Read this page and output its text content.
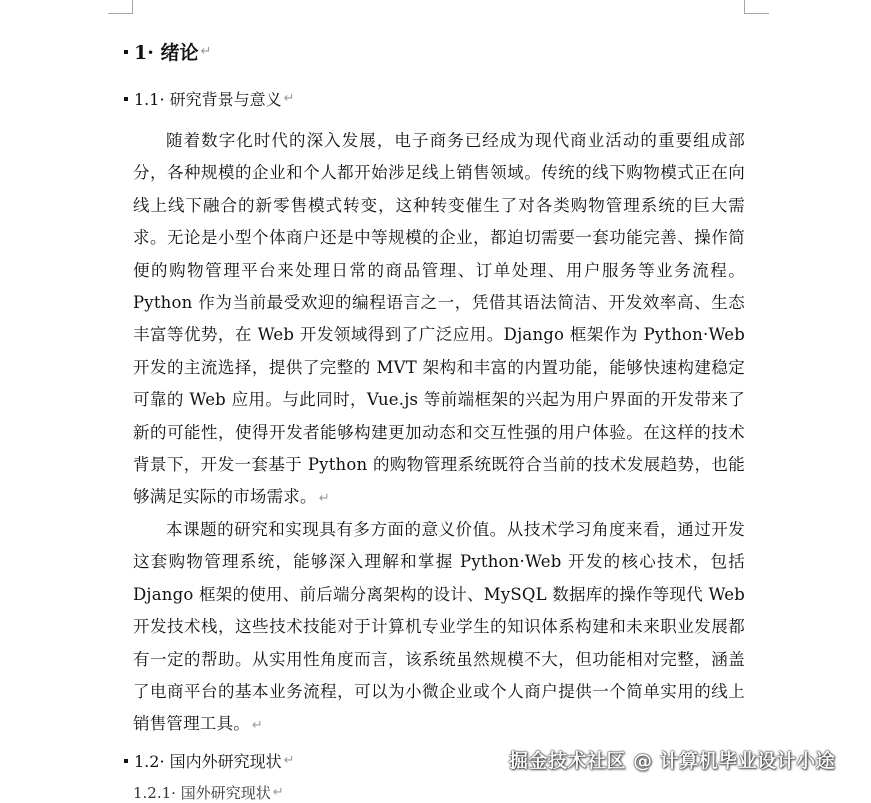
1· 绪论 ↵
1.1· 研究背景与意义 ↵

随着数字化时代的深入发展，电子商务已经成为现代商业活动的重要组成部分，各种规模的企业和个人都开始涉足线上销售领域。传统的线下购物模式正在向线上线下融合的新零售模式转变，这种转变催生了对各类购物管理系统的巨大需求。无论是小型个体商户还是中等规模的企业，都迫切需要一套功能完善、操作简便的购物管理平台来处理日常的商品管理、订单处理、用户服务等业务流程。Python 作为当前最受欢迎的编程语言之一，凭借其语法简洁、开发效率高、生态丰富等优势，在 Web 开发领域得到了广泛应用。Django 框架作为 Python·Web 开发的主流选择，提供了完整的 MVT 架构和丰富的内置功能，能够快速构建稳定可靠的 Web 应用。与此同时，Vue.js 等前端框架的兴起为用户界面的开发带来了新的可能性，使得开发者能够构建更加动态和交互性强的用户体验。在这样的技术背景下，开发一套基于 Python 的购物管理系统既符合当前的技术发展趋势，也能够满足实际的市场需求。 ↵

本课题的研究和实现具有多方面的意义价值。从技术学习角度来看，通过开发这套购物管理系统，能够深入理解和掌握 Python·Web 开发的核心技术，包括 Django 框架的使用、前后端分离架构的设计、MySQL 数据库的操作等现代 Web 开发技术栈，这些技术技能对于计算机专业学生的知识体系构建和未来职业发展都有一定的帮助。从实用性角度而言，该系统虽然规模不大，但功能相对完整，涵盖了电商平台的基本业务流程，可以为小微企业或个人商户提供一个简单实用的线上销售管理工具。 ↵

1.2· 国内外研究现状 ↵
1.2.1· 国外研究现状 ↵
掘金技术社区 @ 计算机毕业设计小途
